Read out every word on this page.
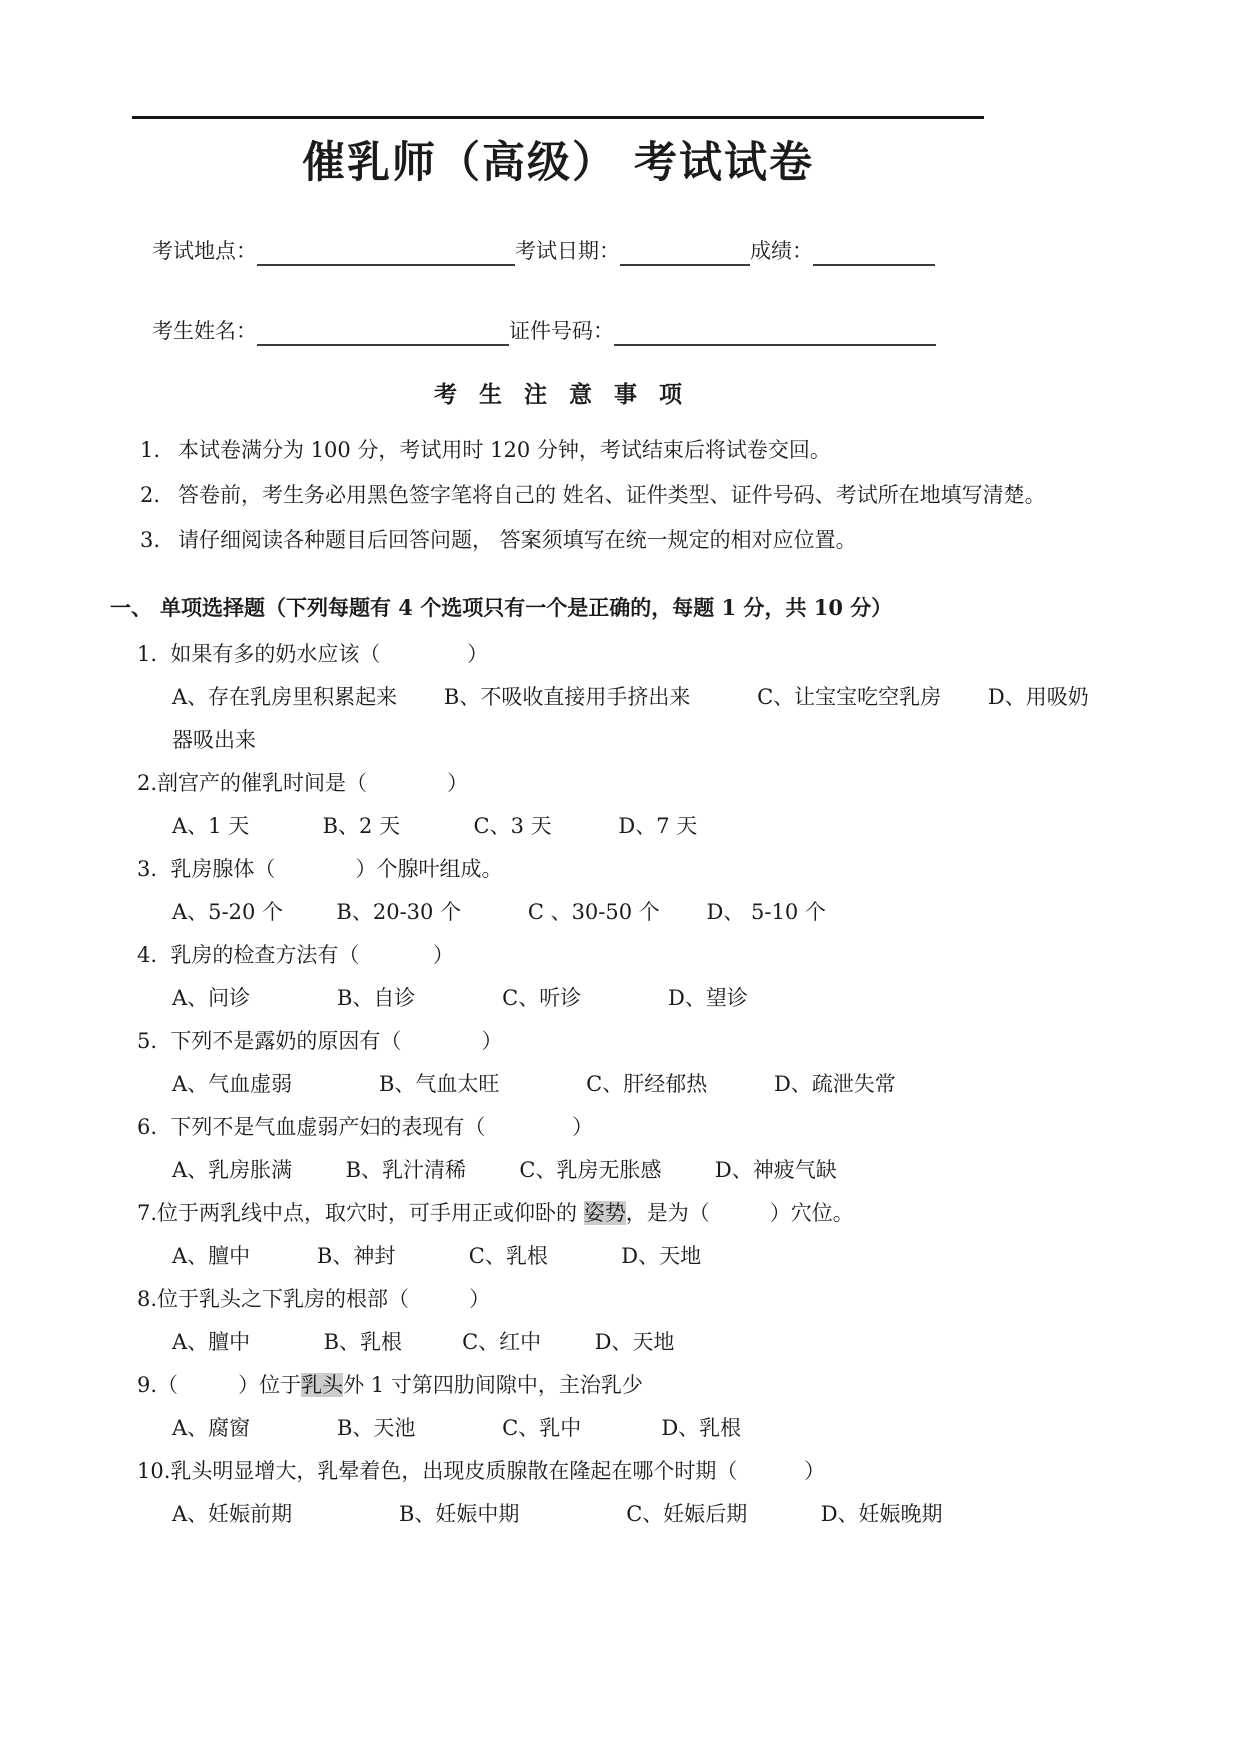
催乳师（高级） 考试试卷
考试地点：	考试日期：	成绩：
考生姓名：	证件号码：
考 生 注 意 事 项
1. 本试卷满分为 100 分，考试用时 120 分钟，考试结束后将试卷交回。
2. 答卷前，考生务必用黑色签字笔将自己的 姓名、证件类型、证件号码、考试所在地填写清楚。
3. 请仔细阅读各种题目后回答问题， 答案须填写在统一规定的相对应位置。
一、 单项选择题（下列每题有 4 个选项只有一个是正确的，每题 1 分，共 10 分）

1.  如果有多的奶水应该（             ）

A、存在乳房里积累起来       B、不吸收直接用手挤出来          C、让宝宝吃空乳房       D、用吸奶

器吸出来

2.剖宫产的催乳时间是（            ）

A、1 天           B、2 天           C、3 天          D、7 天

3.  乳房腺体（            ）个腺叶组成。

A、5-20 个        B、20-30 个          C 、30-50 个       D、 5-10 个

4.  乳房的检查方法有（           ）

A、问诊             B、自诊             C、听诊             D、望诊

5.  下列不是露奶的原因有（            ）

A、气血虚弱             B、气血太旺             C、肝经郁热          D、疏泄失常

6.  下列不是气血虚弱产妇的表现有（             ）

A、乳房胀满        B、乳汁清稀        C、乳房无胀感        D、神疲气缺

7.位于两乳线中点，取穴时，可手用正或仰卧的 姿势，是为（         ）穴位。

A、膻中          B、神封           C、乳根           D、天地

8.位于乳头之下乳房的根部（         ）

A、膻中           B、乳根         C、红中        D、天地

9.（         ）位于乳头外 1 寸第四肋间隙中，主治乳少

A、腐窗             B、天池             C、乳中            D、乳根

10.乳头明显增大，乳晕着色，出现皮质腺散在隆起在哪个时期（          ）

A、妊娠前期                B、妊娠中期                C、妊娠后期           D、妊娠晚期
